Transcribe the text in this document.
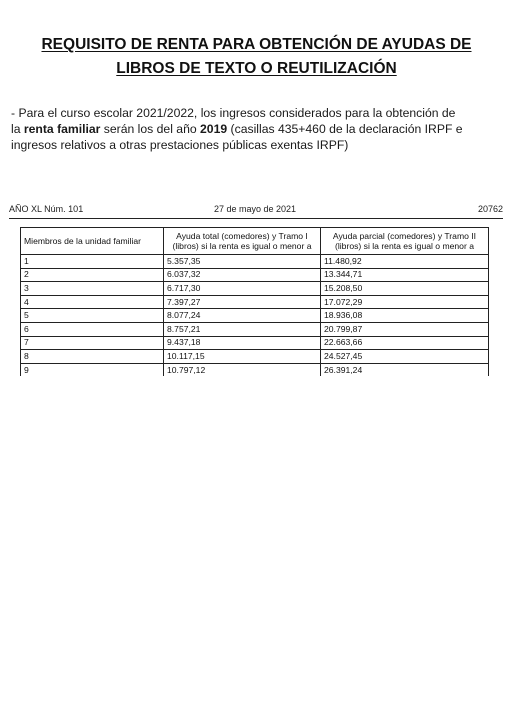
REQUISITO DE RENTA PARA OBTENCIÓN DE AYUDAS DE
LIBROS DE TEXTO O REUTILIZACIÓN
- Para el curso escolar 2021/2022, los ingresos considerados para la obtención de
la renta familiar serán los del año 2019 (casillas 435+460 de la declaración IRPF e
ingresos relativos a otras prestaciones públicas exentas IRPF)
AÑO XL Núm. 101	27 de mayo de 2021	20762
Miembros de la unidad familiar	Ayuda total (comedores) y Tramo I (libros) si la renta es igual o menor a	Ayuda parcial (comedores) y Tramo II (libros) si la renta es igual o menor a
1	5.357,35	11.480,92
2	6.037,32	13.344,71
3	6.717,30	15.208,50
4	7.397,27	17.072,29
5	8.077,24	18.936,08
6	8.757,21	20.799,87
7	9.437,18	22.663,66
8	10.117,15	24.527,45
9	10.797,12	26.391,24
